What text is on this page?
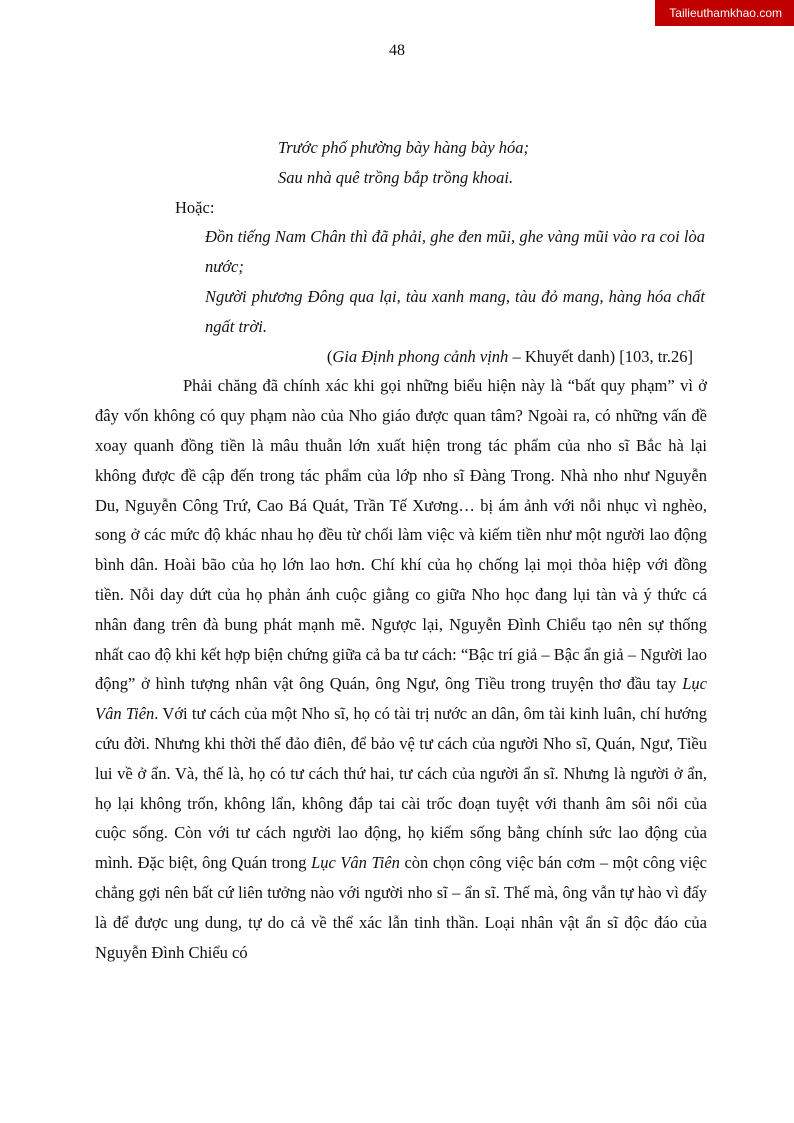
Tailieuthamkhao.com
48
Trước phố phường bày hàng bày hóa;
Sau nhà quê trồng bắp trồng khoai.
Hoặc:
Đồn tiếng Nam Chân thì đã phải, ghe đen mũi, ghe vàng mũi vào ra coi lòa nước;
Người phương Đông qua lại, tàu xanh mang, tàu đỏ mang, hàng hóa chất ngất trời.
(Gia Định phong cảnh vịnh – Khuyết danh) [103, tr.26]

Phải chăng đã chính xác khi gọi những biểu hiện này là “bất quy phạm” vì ở đây vốn không có quy phạm nào của Nho giáo được quan tâm? Ngoài ra, có những vấn đề xoay quanh đồng tiền là mâu thuẫn lớn xuất hiện trong tác phẩm của nho sĩ Bắc hà lại không được đề cập đến trong tác phẩm của lớp nho sĩ Đàng Trong. Nhà nho như Nguyễn Du, Nguyễn Công Trứ, Cao Bá Quát, Trần Tế Xương… bị ám ảnh với nỗi nhục vì nghèo, song ở các mức độ khác nhau họ đều từ chối làm việc và kiếm tiền như một người lao động bình dân. Hoài bão của họ lớn lao hơn. Chí khí của họ chống lại mọi thỏa hiệp với đồng tiền. Nỗi day dứt của họ phản ánh cuộc giằng co giữa Nho học đang lụi tàn và ý thức cá nhân đang trên đà bung phát mạnh mẽ. Ngược lại, Nguyễn Đình Chiểu tạo nên sự thống nhất cao độ khi kết hợp biện chứng giữa cả ba tư cách: “Bậc trí giả – Bậc ẩn giả – Người lao động” ở hình tượng nhân vật ông Quán, ông Ngư, ông Tiều trong truyện thơ đầu tay Lục Vân Tiên. Với tư cách của một Nho sĩ, họ có tài trị nước an dân, ôm tài kinh luân, chí hướng cứu đời. Nhưng khi thời thế đảo điên, để bảo vệ tư cách của người Nho sĩ, Quán, Ngư, Tiều lui về ở ẩn. Và, thế là, họ có tư cách thứ hai, tư cách của người ẩn sĩ. Nhưng là người ở ẩn, họ lại không trốn, không lẩn, không đắp tai cài trốc đoạn tuyệt với thanh âm sôi nổi của cuộc sống. Còn với tư cách người lao động, họ kiếm sống bằng chính sức lao động của mình. Đặc biệt, ông Quán trong Lục Vân Tiên còn chọn công việc bán cơm – một công việc chẳng gợi nên bất cứ liên tưởng nào với người nho sĩ – ẩn sĩ. Thế mà, ông vẫn tự hào vì đấy là để được ung dung, tự do cả về thể xác lẫn tinh thần. Loại nhân vật ẩn sĩ độc đáo của Nguyễn Đình Chiểu có
